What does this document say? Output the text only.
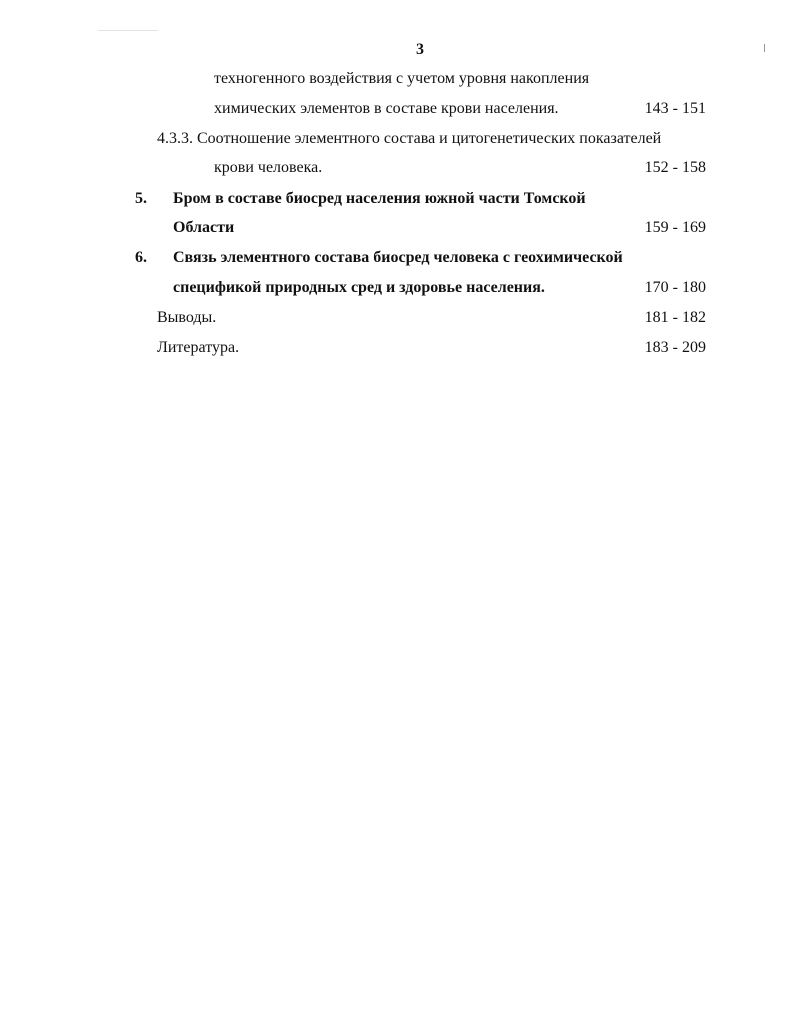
3
техногенного воздействия с учетом уровня накопления
химических элементов в составе крови населения.	143 - 151
4.3.3. Соотношение элементного состава и цитогенетических показателей
крови человека.	152 - 158
5. Бром в составе биосред населения южной части Томской
Области	159 - 169
6. Связь элементного состава биосред человека с геохимической
спецификой природных сред и здоровье населения.	170 - 180
Выводы.	181 - 182
Литература.	183 - 209
